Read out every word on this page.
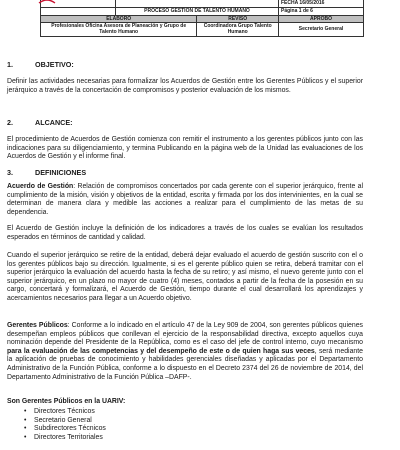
		FECHA 16/05/2016
	PROCESO GESTION DE TALENTO HUMANO		Página 1 de 6
ELABORÓ		REVISÓ	APROBÓ
Profesionales Oficina Asesora de Planeación y Grupo de Talento Humano		Coordinadora Grupo Talento Humano	Secretario General
1.	OBJETIVO:
Definir las actividades necesarias para formalizar los Acuerdos de Gestión entre los Gerentes Públicos y el superior jerárquico a través de la concertación de compromisos y posterior evaluación de los mismos.
2.	ALCANCE:
El procedimiento de Acuerdos de Gestión comienza con remitir el instrumento a los gerentes públicos junto con las indicaciones para su diligenciamiento, y termina Publicando en la página web de la Unidad las evaluaciones de los Acuerdos de Gestión y el informe final.
3.	DEFINICIONES
Acuerdo de Gestión: Relación de compromisos concertados por cada gerente con el superior jerárquico, frente al cumplimiento de la misión, visión y objetivos de la entidad, escrita y firmada por los dos intervinientes, en la cual se determinan de manera clara y medible las acciones a realizar para el cumplimiento de las metas de su dependencia.
El Acuerdo de Gestión incluye la definición de los indicadores a través de los cuales se evalúan los resultados esperados en términos de cantidad y calidad.
Cuando el superior jerárquico se retire de la entidad, deberá dejar evaluado el acuerdo de gestión suscrito con el o los gerentes públicos bajo su dirección. Igualmente, si es el gerente público quien se retira, deberá tramitar con el superior jerárquico la evaluación del acuerdo hasta la fecha de su retiro; y así mismo, el nuevo gerente junto con el superior jerárquico, en un plazo no mayor de cuatro (4) meses, contados a partir de la fecha de la posesión en su cargo, concertará y formalizará, el Acuerdo de Gestión, tiempo durante el cual desarrollará los aprendizajes y acercamientos necesarios para llegar a un Acuerdo objetivo.
Gerentes Públicos: Conforme a lo indicado en el artículo 47 de la Ley 909 de 2004, son gerentes públicos quienes desempeñan empleos públicos que conllevan el ejercicio de la responsabilidad directiva, excepto aquellos cuya nominación depende del Presidente de la República, como es el caso del jefe de control interno, cuyo mecanismo para la evaluación de las competencias y del desempeño de este o de quien haga sus veces, será mediante la aplicación de pruebas de conocimiento y habilidades gerenciales diseñadas y aplicadas por el Departamento Administrativo de la Función Pública, conforme a lo dispuesto en el Decreto 2374 del 26 de noviembre de 2014, del Departamento Administrativo de la Función Pública –DAFP-.
Son Gerentes Públicos en la UARIV:
• Directores Técnicos
• Secretario General
• Subdirectores Técnicos
• Directores Territoriales
